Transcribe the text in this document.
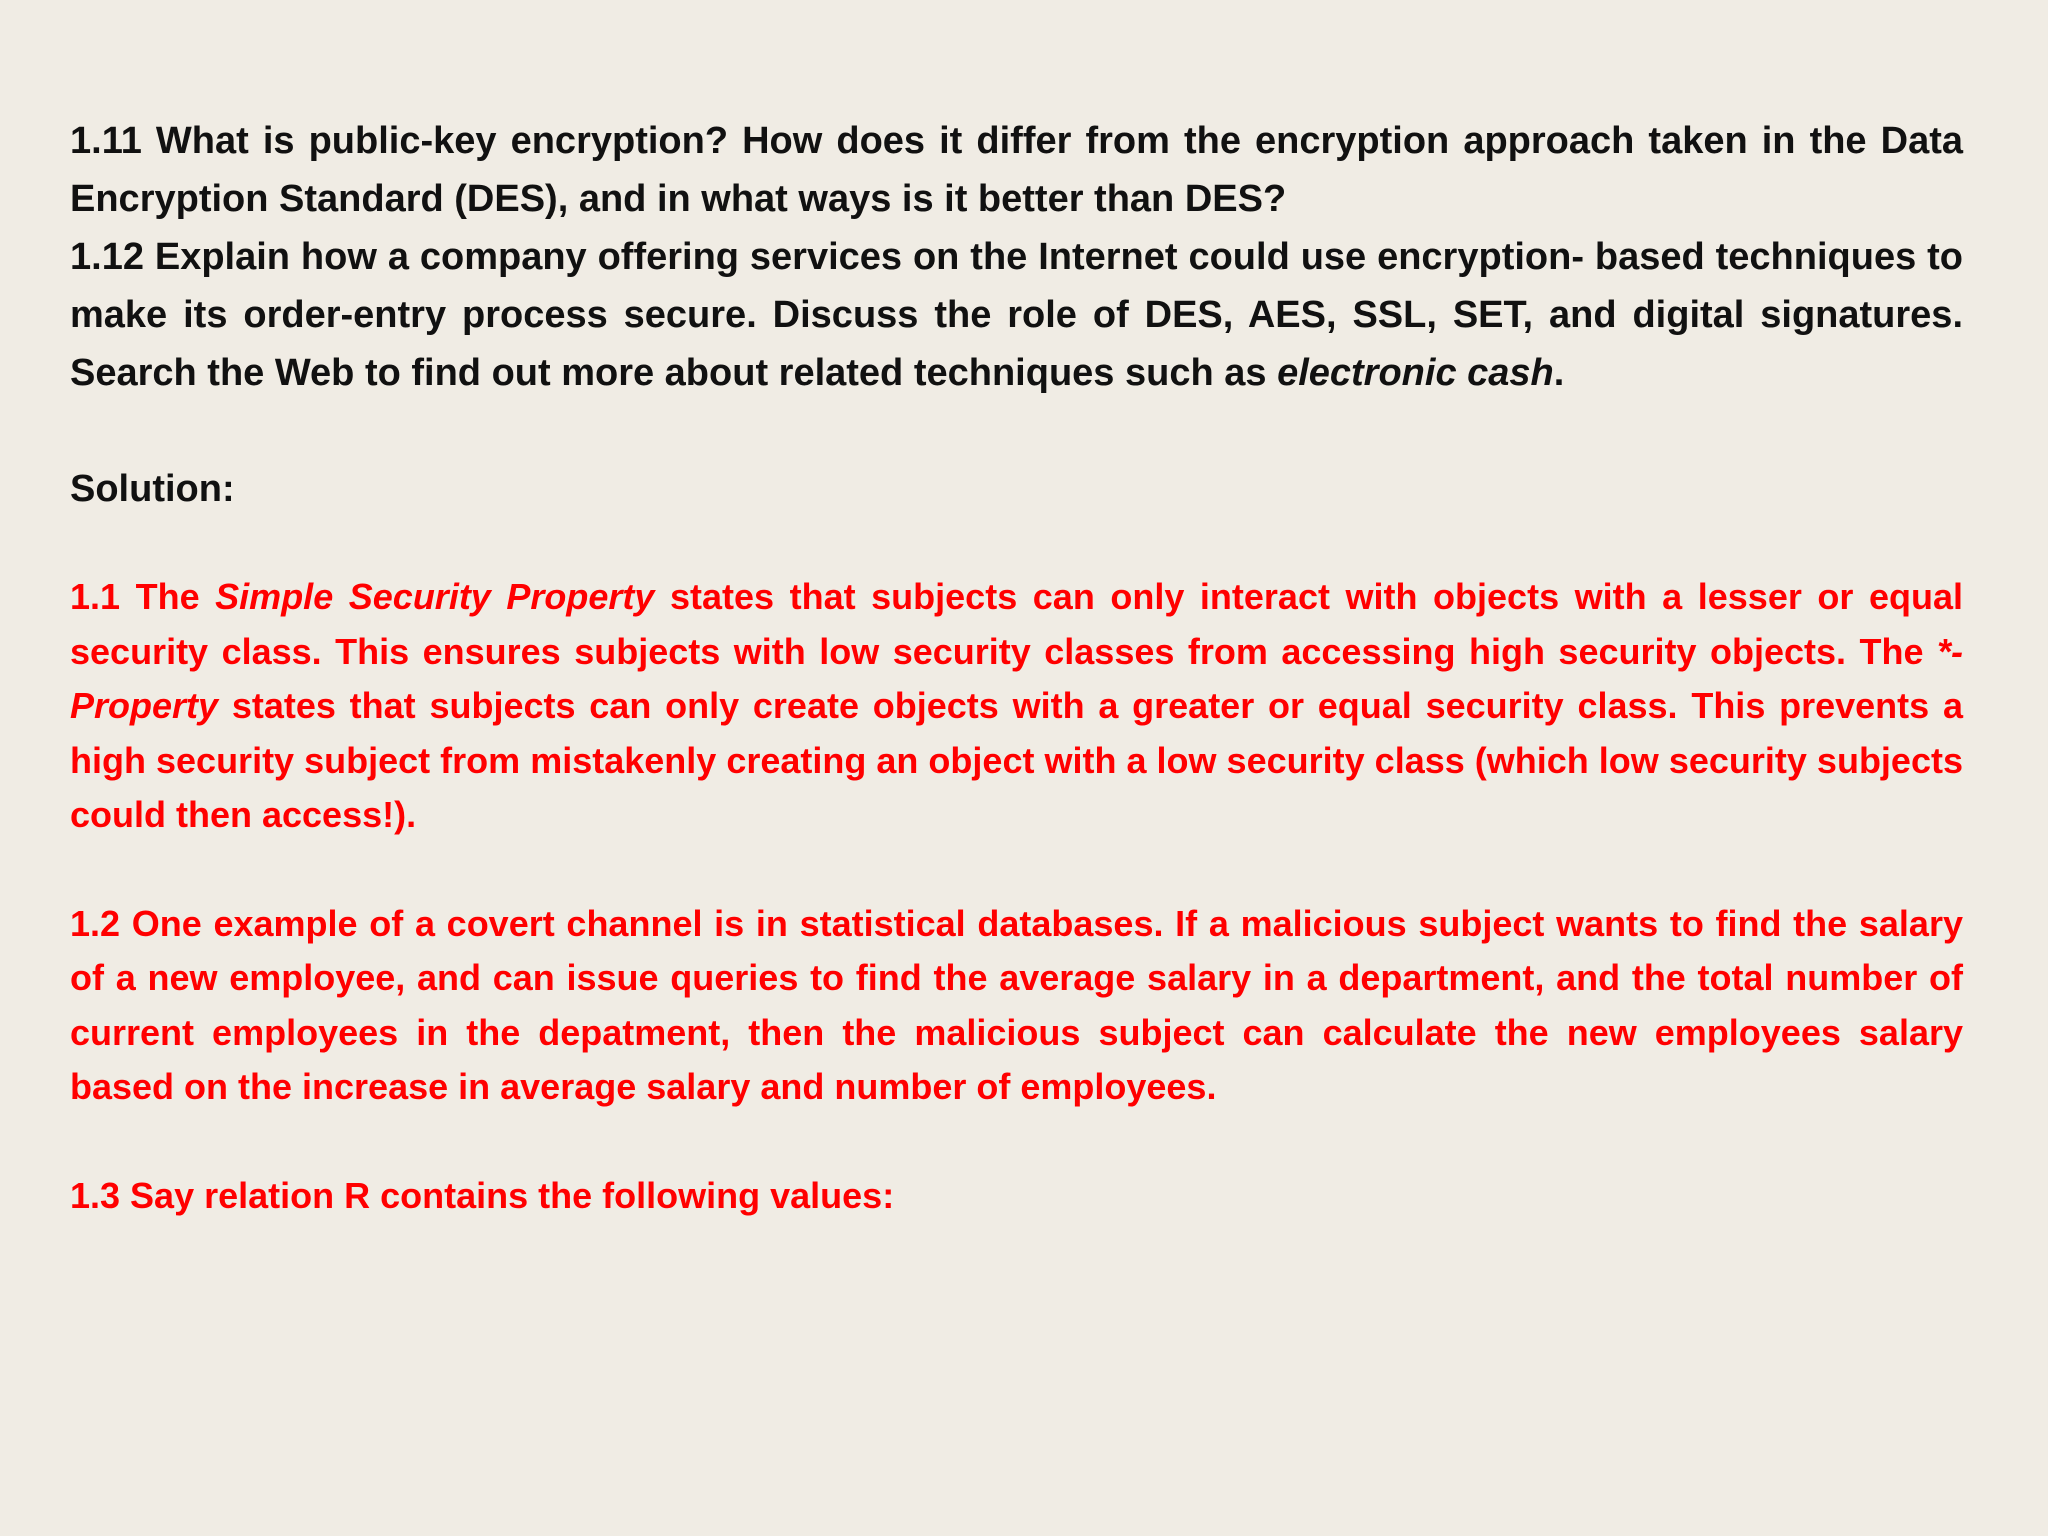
1.11 What is public-key encryption? How does it differ from the encryption approach taken in the Data Encryption Standard (DES), and in what ways is it better than DES?

1.12 Explain how a company offering services on the Internet could use encryption- based techniques to make its order-entry process secure. Discuss the role of DES, AES, SSL, SET, and digital signatures. Search the Web to find out more about related techniques such as electronic cash.

Solution:

1.1 The Simple Security Property states that subjects can only interact with objects with a lesser or equal security class. This ensures subjects with low security classes from accessing high security objects. The *-Property states that subjects can only create objects with a greater or equal security class. This prevents a high security subject from mistakenly creating an object with a low security class (which low security subjects could then access!).

1.2 One example of a covert channel is in statistical databases. If a malicious subject wants to find the salary of a new employee, and can issue queries to find the average salary in a department, and the total number of current employees in the depatment, then the malicious subject can calculate the new employees salary based on the increase in average salary and number of employees.

1.3 Say relation R contains the following values:
